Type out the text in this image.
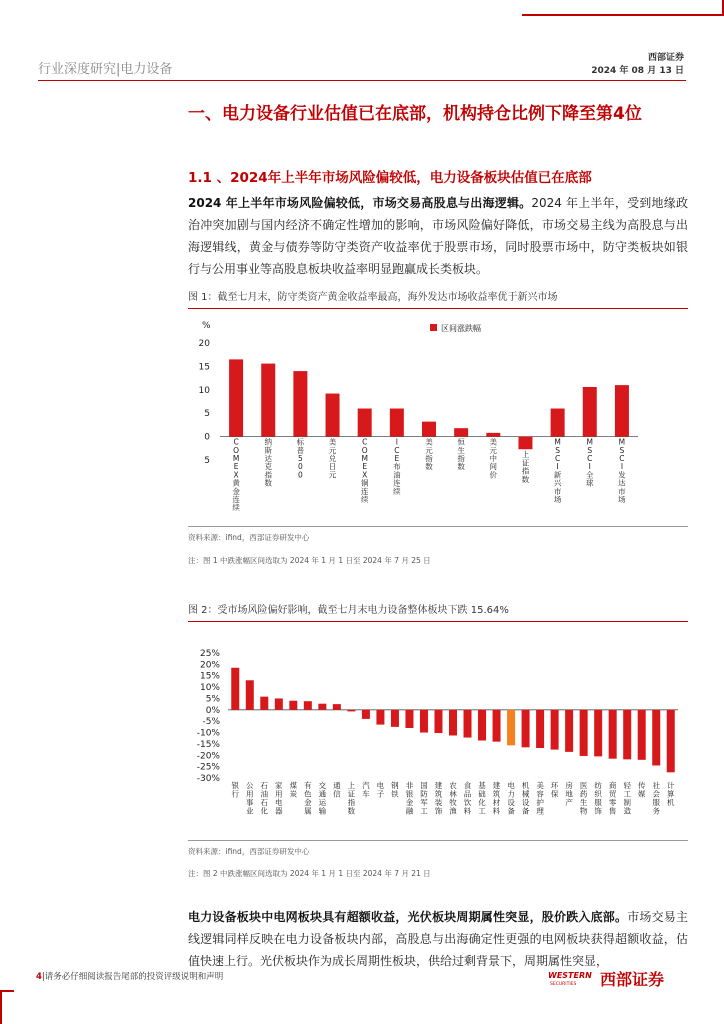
行业深度研究|电力设备
西部证券
2024 年 08 月 13 日
一、电力设备行业估值已在底部，机构持仓比例下降至第4位
1.1 、2024年上半年市场风险偏较低，电力设备板块估值已在底部
2024 年上半年市场风险偏较低，市场交易高股息与出海逻辑。2024 年上半年，受到地缘政治冲突加剧与国内经济不确定性增加的影响，市场风险偏好降低，市场交易主线为高股息与出海逻辑线，黄金与债券等防守类资产收益率优于股票市场，同时股票市场中，防守类板块如银行与公用事业等高股息板块收益率明显跑赢成长类板块。
图 1：截至七月末，防守类资产黄金收益率最高，海外发达市场收益率优于新兴市场
%
20
15
10
5
0
5
区间涨跌幅
C O M E X 黄金连续
纳斯达克指数
标普 5 0 0
美元兑日元
C O M E X 铜连续
I C E 布油连续
美元指数
恒生指数
美元中间价
上证指数
M S C I 新兴市场
M S C I 全球
M S C I 发达市场
资料来源：ifind，西部证券研发中心
注：图 1 中跌涨幅区间选取为 2024 年 1 月 1 日至 2024 年 7 月 25 日
图 2：受市场风险偏好影响，截至七月末电力设备整体板块下跌 15.64%
25%
20%
15%
10%
5%
0%
-5%
-10%
-15%
-20%
-25%
-30%
银行
公用事业
石油石化
家用电器
煤炭
有色金属
交通运输
通信
上证指数
汽车
电子
钢铁
非银金融
国防军工
建筑装饰
农林牧渔
食品饮料
基础化工
建筑材料
电力设备
机械设备
美容护理
环保
房地产
医药生物
纺织服饰
商贸零售
轻工制造
传媒
社会服务
计算机
资料来源：ifind，西部证券研发中心
注：图 2 中跌涨幅区间选取为 2024 年 1 月 1 日至 2024 年 7 月 21 日
电力设备板块中电网板块具有超额收益，光伏板块周期属性突显，股价跌入底部。市场交易主线逻辑同样反映在电力设备板块内部，高股息与出海确定性更强的电网板块获得超额收益，估值快速上行。光伏板块作为成长周期性板块，供给过剩背景下，周期属性突显，
4|请务必仔细阅读报告尾部的投资评级说明和声明	WESTERN
SECURITIES 西部证券
